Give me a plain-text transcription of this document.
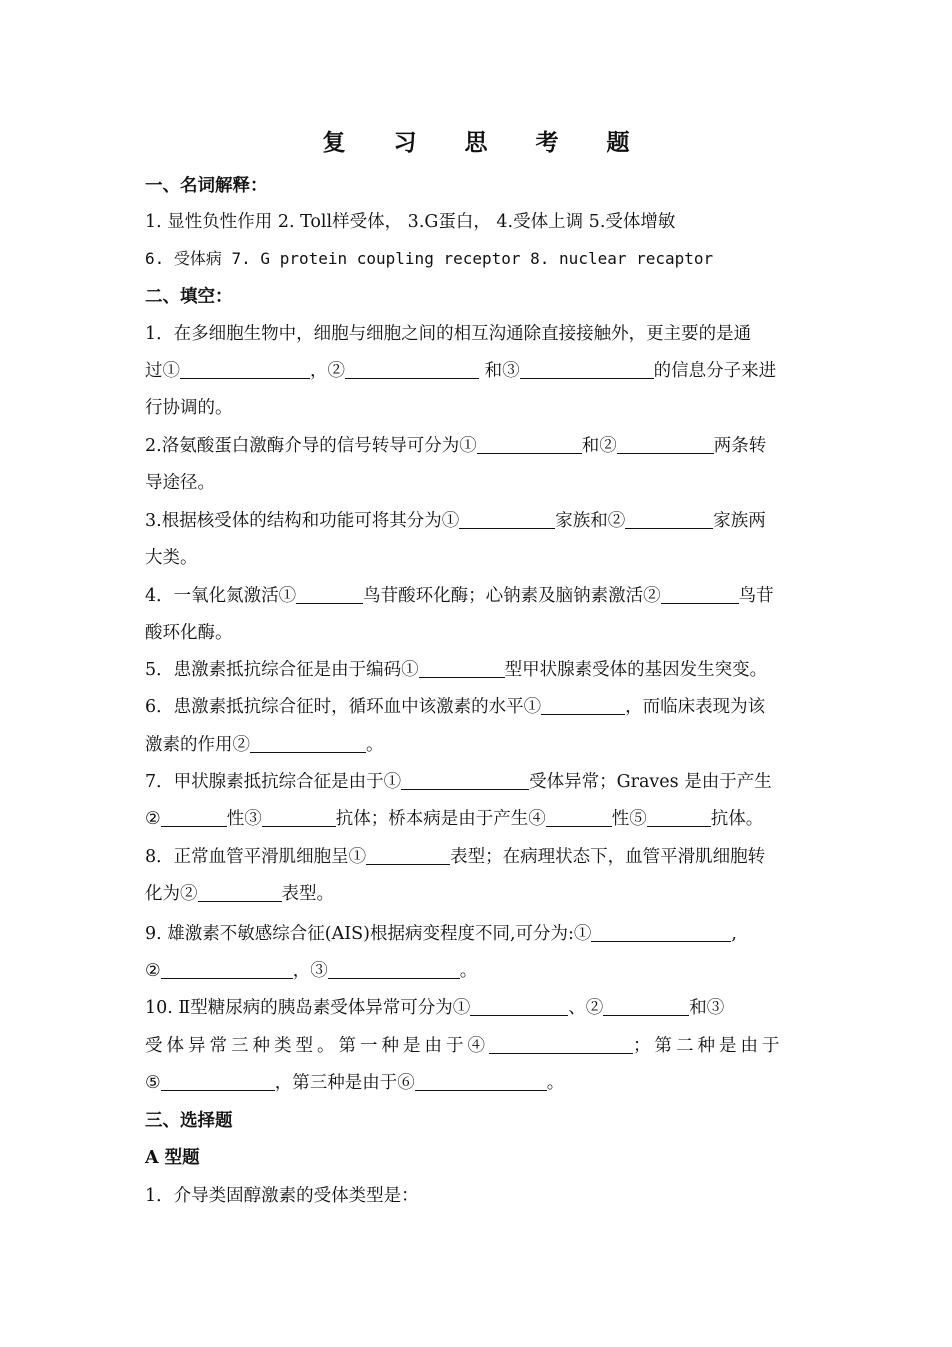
复 习 思 考 题
一、名词解释：
1. 显性负性作用 2. Toll样受体， 3.G蛋白， 4.受体上调 5.受体增敏
6. 受体病 7. G protein coupling receptor 8. nuclear recaptor
二、填空：
1．在多细胞生物中，细胞与细胞之间的相互沟通除直接接触外，更主要的是通
过①	，②	和③	的信息分子来进
行协调的。
2.洛氨酸蛋白激酶介导的信号转导可分为①	和②	两条转
导途径。
3.根据核受体的结构和功能可将其分为①	家族和②	家族两
大类。
4．一氧化氮激活①	鸟苷酸环化酶；心钠素及脑钠素激活②	鸟苷
酸环化酶。
5．患激素抵抗综合征是由于编码①	型甲状腺素受体的基因发生突变。
6．患激素抵抗综合征时，循环血中该激素的水平①	，而临床表现为该
激素的作用②	。
7．甲状腺素抵抗综合征是由于①	受体异常；Graves 是由于产生
②	性③	抗体；桥本病是由于产生④	性⑤	抗体。
8．正常血管平滑肌细胞呈①	表型；在病理状态下，血管平滑肌细胞转
化为②	表型。
9. 雄激素不敏感综合征(AIS)根据病变程度不同,可分为:①	,
②	，③	。
10. Ⅱ型糖尿病的胰岛素受体异常可分为①	、②	和③
受体异常三种类型。第一种是由于④	；第二种是由于
⑤	，第三种是由于⑥	。
三、选择题
A 型题
1．介导类固醇激素的受体类型是：
